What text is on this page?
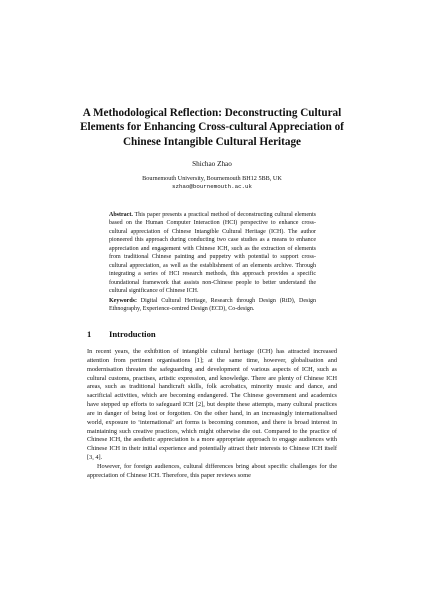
A Methodological Reflection: Deconstructing Cultural Elements for Enhancing Cross-cultural Appreciation of Chinese Intangible Cultural Heritage
Shichao Zhao
Bournemouth University, Bournemouth BH12 5BB, UK
szhao@bournemouth.ac.uk
Abstract. This paper presents a practical method of deconstructing cultural elements based on the Human Computer Interaction (HCI) perspective to enhance cross-cultural appreciation of Chinese Intangible Cultural Heritage (ICH). The author pioneered this approach during conducting two case studies as a means to enhance appreciation and engagement with Chinese ICH, such as the extraction of elements from traditional Chinese painting and puppetry with potential to support cross-cultural appreciation, as well as the establishment of an elements archive. Through integrating a series of HCI research methods, this approach provides a specific foundational framework that assists non-Chinese people to better understand the cultural significance of Chinese ICH.
Keywords: Digital Cultural Heritage, Research through Design (RtD), Design Ethnography, Experience-centred Design (ECD), Co-design.
1 Introduction

In recent years, the exhibition of intangible cultural heritage (ICH) has attracted increased attention from pertinent organisations [1]; at the same time, however, globalisation and modernisation threaten the safeguarding and development of various aspects of ICH, such as cultural customs, practises, artistic expression, and knowledge. There are plenty of Chinese ICH areas, such as traditional handicraft skills, folk acrobatics, minority music and dance, and sacrificial activities, which are becoming endangered. The Chinese government and academics have stepped up efforts to safeguard ICH [2], but despite these attempts, many cultural practices are in danger of being lost or forgotten. On the other hand, in an increasingly internationalised world, exposure to ‘international’ art forms is becoming common, and there is broad interest in maintaining such creative practices, which might otherwise die out. Compared to the practice of Chinese ICH, the aesthetic appreciation is a more appropriate approach to engage audiences with Chinese ICH in their initial experience and potentially attract their interests to Chinese ICH itself [3, 4].

However, for foreign audiences, cultural differences bring about specific challenges for the appreciation of Chinese ICH. Therefore, this paper reviews some
